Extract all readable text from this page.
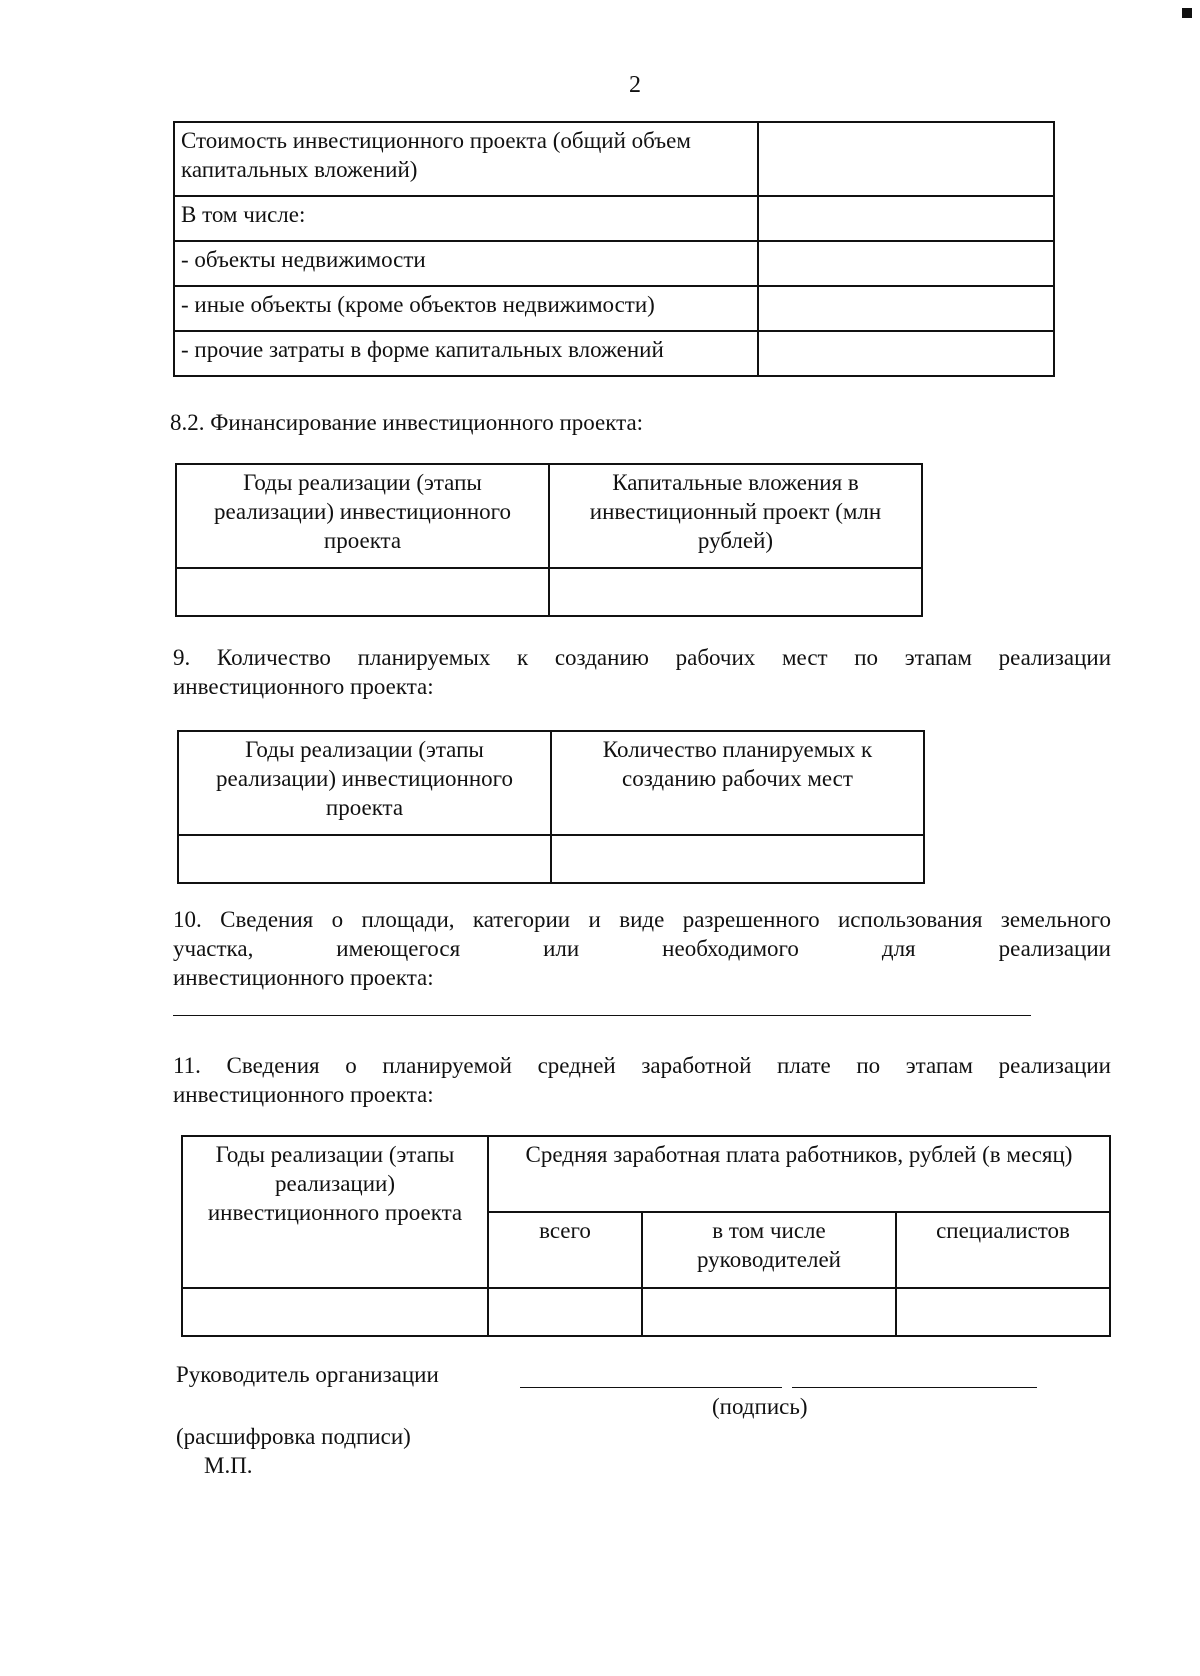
2
Стоимость инвестиционного проекта (общий объем капитальных вложений)	
В том числе:	
- объекты недвижимости	
- иные объекты (кроме объектов недвижимости)	
- прочие затраты в форме капитальных вложений	
8.2. Финансирование инвестиционного проекта:
Годы реализации (этапы реализации) инвестиционного проекта	Капитальные вложения в инвестиционный проект (млн рублей)

9. Количество планируемых к созданию рабочих мест по этапам реализации
инвестиционного проекта:
Годы реализации (этапы реализации) инвестиционного проекта	Количество планируемых к созданию рабочих мест

10. Сведения о площади, категории и виде разрешенного использования земельного
участка, имеющегося или необходимого для реализации
инвестиционного проекта:
11. Сведения о планируемой средней заработной плате по этапам реализации
инвестиционного проекта:
Годы реализации (этапы реализации) инвестиционного проекта	Средняя заработная плата работников, рублей (в месяц)		
	всего	в том числе руководителей	специалистов

Руководитель организации
(подпись)
(расшифровка подписи)
М.П.
